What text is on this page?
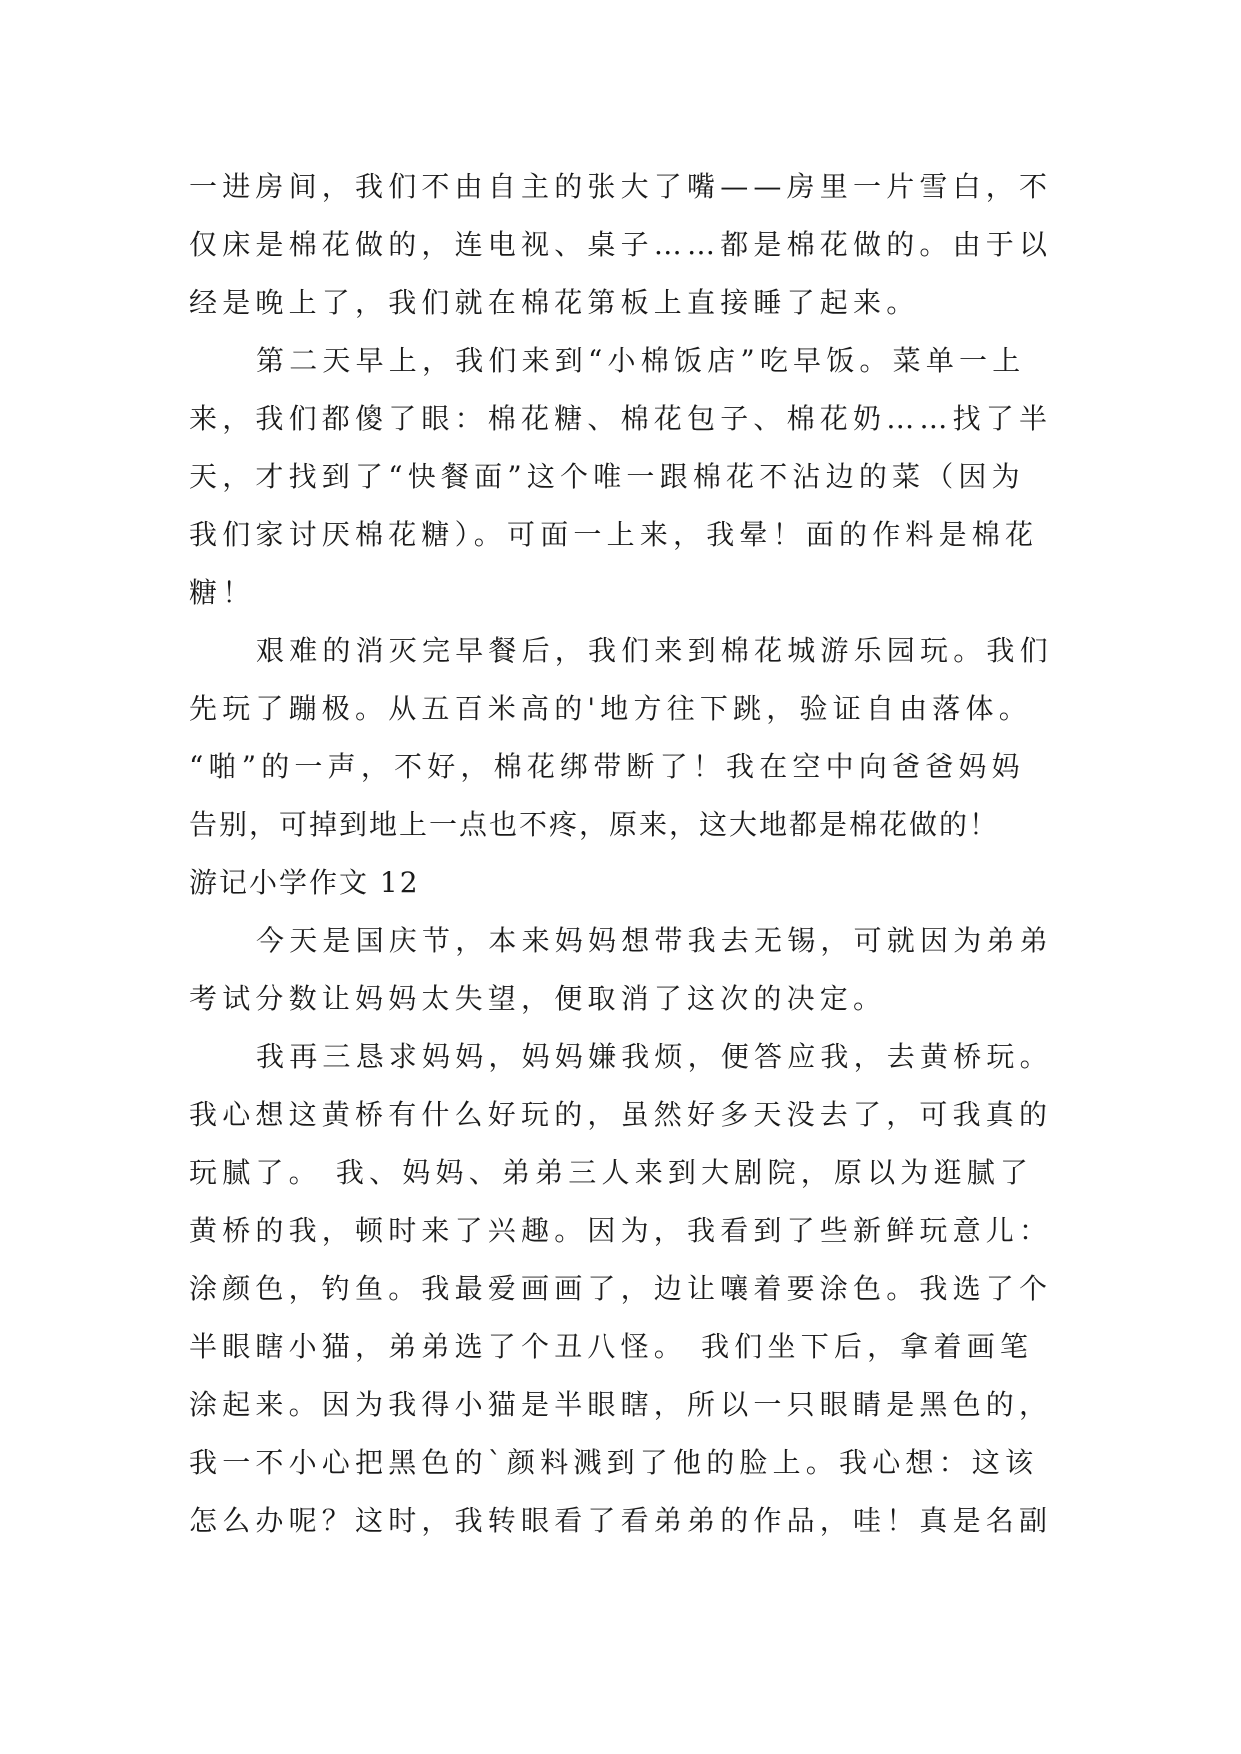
一进房间，我们不由自主的张大了嘴——房里一片雪白，不
仅床是棉花做的，连电视、桌子……都是棉花做的。由于以
经是晚上了，我们就在棉花第板上直接睡了起来。
第二天早上，我们来到“小棉饭店”吃早饭。菜单一上
来，我们都傻了眼：棉花糖、棉花包子、棉花奶……找了半
天，才找到了“快餐面”这个唯一跟棉花不沾边的菜（因为
我们家讨厌棉花糖）。可面一上来，我晕！面的作料是棉花
糖！
艰难的消灭完早餐后，我们来到棉花城游乐园玩。我们
先玩了蹦极。从五百米高的'地方往下跳，验证自由落体。
“啪”的一声，不好，棉花绑带断了！我在空中向爸爸妈妈
告别，可掉到地上一点也不疼，原来，这大地都是棉花做的！
游记小学作文 12
今天是国庆节，本来妈妈想带我去无锡，可就因为弟弟
考试分数让妈妈太失望，便取消了这次的决定。
我再三恳求妈妈，妈妈嫌我烦，便答应我，去黄桥玩。
我心想这黄桥有什么好玩的，虽然好多天没去了，可我真的
玩腻了。 我、妈妈、弟弟三人来到大剧院，原以为逛腻了
黄桥的我，顿时来了兴趣。因为，我看到了些新鲜玩意儿：
涂颜色，钓鱼。我最爱画画了，边让嚷着要涂色。我选了个
半眼瞎小猫，弟弟选了个丑八怪。 我们坐下后，拿着画笔
涂起来。因为我得小猫是半眼瞎，所以一只眼睛是黑色的，
我一不小心把黑色的`颜料溅到了他的脸上。我心想：这该
怎么办呢？这时，我转眼看了看弟弟的作品，哇！真是名副
